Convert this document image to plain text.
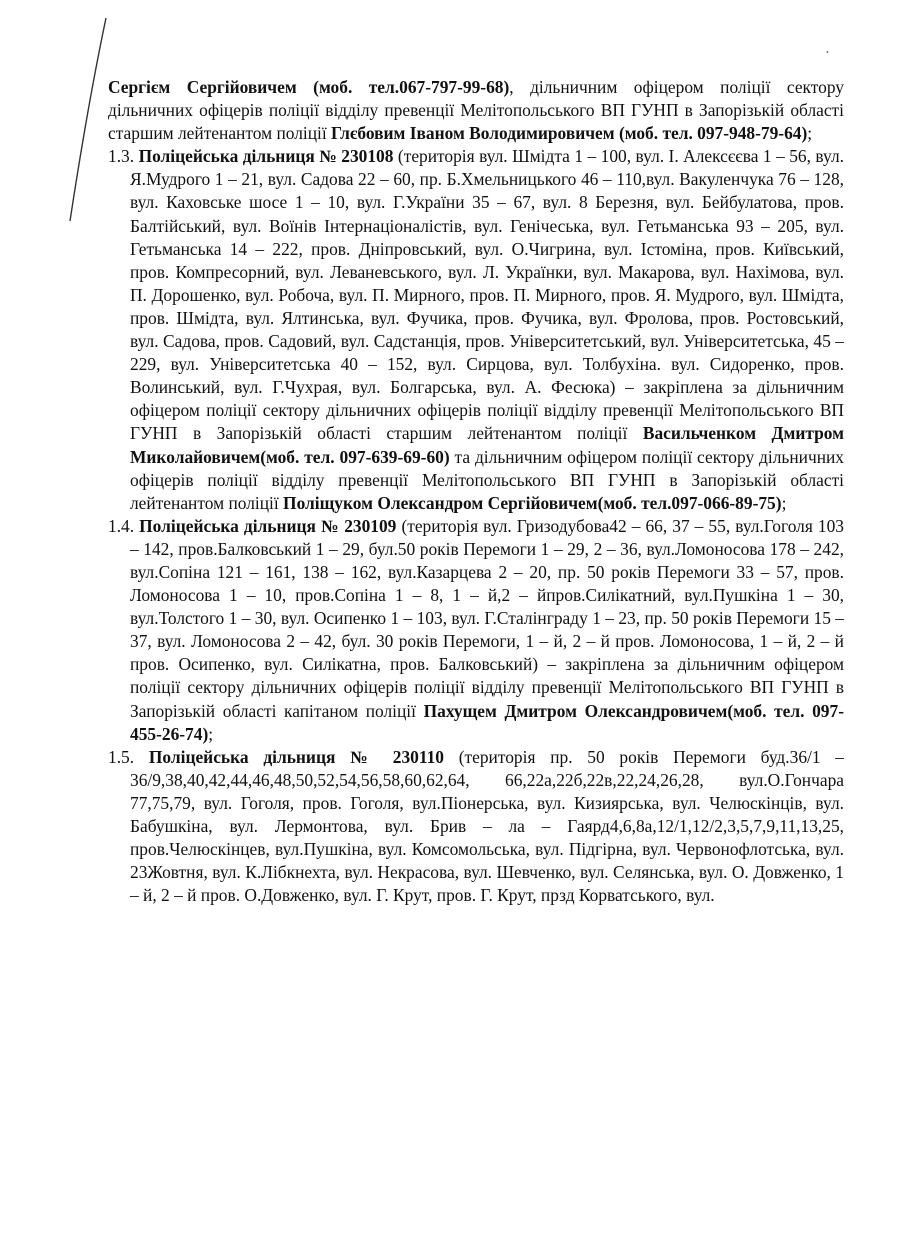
•

Сергієм Сергійовичем (моб. тел.067-797-99-68), дільничним офіцером поліції сектору дільничних офіцерів поліції відділу превенції Мелітопольського ВП ГУНП в Запорізькій області старшим лейтенантом поліції Глєбовим Іваном Володимировичем (моб. тел. 097-948-79-64);

1.3. Поліцейська дільниця № 230108 (територія вул. Шмідта 1 – 100, вул. І. Алексєєва 1 – 56, вул. Я.Мудрого 1 – 21, вул. Садова 22 – 60, пр. Б.Хмельницького 46 – 110,вул. Вакуленчука 76 – 128, вул. Каховське шосе 1 – 10, вул. Г.України 35 – 67, вул. 8 Березня, вул. Бейбулатова, пров. Балтійський, вул. Воїнів Інтернаціоналістів, вул. Генічеська, вул. Гетьманська 93 – 205, вул. Гетьманська 14 – 222, пров. Дніпровський, вул. О.Чигрина, вул. Істоміна, пров. Київський, пров. Компресорний, вул. Леваневського, вул. Л. Українки, вул. Макарова, вул. Нахімова, вул. П. Дорошенко, вул. Робоча, вул. П. Мирного, пров. П. Мирного, пров. Я. Мудрого, вул. Шмідта, пров. Шмідта, вул. Ялтинська, вул. Фучика, пров. Фучика, вул. Фролова, пров. Ростовський, вул. Садова, пров. Садовий, вул. Садстанція, пров. Університетський, вул. Університетська, 45 – 229, вул. Університетська 40 – 152, вул. Сирцова, вул. Толбухіна. вул. Сидоренко, пров. Волинський, вул. Г.Чухрая, вул. Болгарська, вул. А. Фесюка) – закріплена за дільничним офіцером поліції сектору дільничних офіцерів поліції відділу превенції Мелітопольського ВП ГУНП в Запорізькій області старшим лейтенантом поліції Васильченком Дмитром Миколайовичем(моб. тел. 097-639-69-60) та дільничним офіцером поліції сектору дільничних офіцерів поліції відділу превенції Мелітопольського ВП ГУНП в Запорізькій області лейтенантом поліції Поліщуком Олександром Сергійовичем(моб. тел.097-066-89-75);

1.4. Поліцейська дільниця № 230109 (територія вул. Гризодубова42 – 66, 37 – 55, вул.Гоголя 103 – 142, пров.Балковський 1 – 29, бул.50 років Перемоги 1 – 29, 2 – 36, вул.Ломоносова 178 – 242, вул.Сопіна 121 – 161, 138 – 162, вул.Казарцева 2 – 20, пр. 50 років Перемоги 33 – 57, пров. Ломоносова 1 – 10, пров.Сопіна 1 – 8, 1 – й,2 – йпров.Силікатний, вул.Пушкіна 1 – 30, вул.Толстого 1 – 30, вул. Осипенко 1 – 103, вул. Г.Сталінграду 1 – 23, пр. 50 років Перемоги 15 – 37, вул. Ломоносова 2 – 42, бул. 30 років Перемоги, 1 – й, 2 – й пров. Ломоносова, 1 – й, 2 – й пров. Осипенко, вул. Силікатна, пров. Балковський) – закріплена за дільничним офіцером поліції сектору дільничних офіцерів поліції відділу превенції Мелітопольського ВП ГУНП в Запорізькій області капітаном поліції Пахущем Дмитром Олександровичем(моб. тел. 097-455-26-74);

1.5. Поліцейська дільниця № 230110 (територія пр. 50 років Перемоги буд.36/1 – 36/9,38,40,42,44,46,48,50,52,54,56,58,60,62,64, 66,22а,22б,22в,22,24,26,28, вул.О.Гончара 77,75,79, вул. Гоголя, пров. Гоголя, вул.Піонерська, вул. Кизиярська, вул. Челюскінців, вул. Бабушкіна, вул. Лермонтова, вул. Брив – ла – Гаярд4,6,8а,12/1,12/2,3,5,7,9,11,13,25, пров.Челюскінцев, вул.Пушкіна, вул. Комсомольська, вул. Підгірна, вул. Червонофлотська, вул. 23Жовтня, вул. К.Лібкнехта, вул. Некрасова, вул. Шевченко, вул. Селянська, вул. О. Довженко, 1 – й, 2 – й пров. О.Довженко, вул. Г. Крут, пров. Г. Крут, прзд Корватського, вул.
